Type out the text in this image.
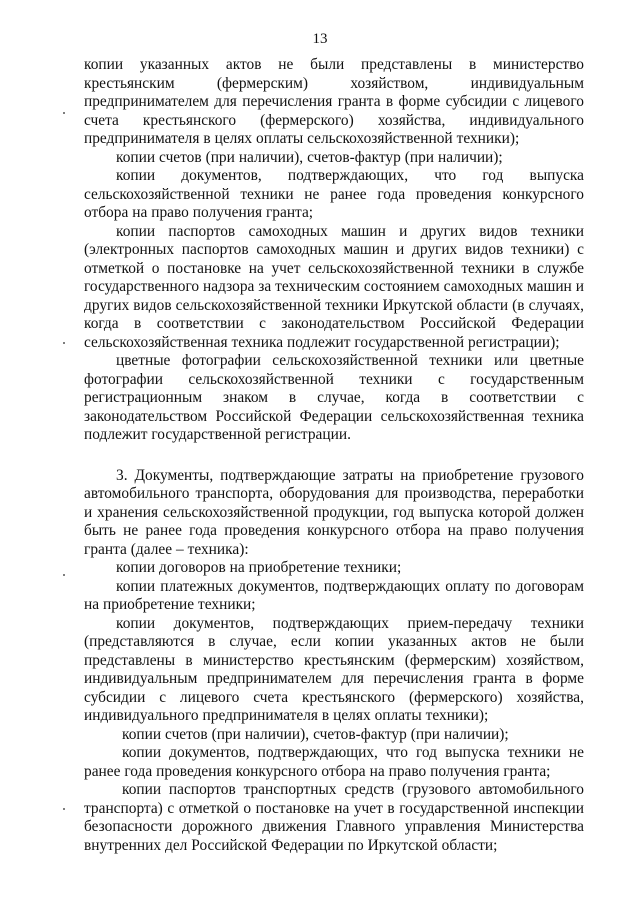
13

копии указанных актов не были представлены в министерство крестьянским (фермерским) хозяйством, индивидуальным предпринимателем для перечисления гранта в форме субсидии с лицевого счета крестьянского (фермерского) хозяйства, индивидуального предпринимателя в целях оплаты сельскохозяйственной техники);

копии счетов (при наличии), счетов-фактур (при наличии);

копии документов, подтверждающих, что год выпуска сельскохозяйственной техники не ранее года проведения конкурсного отбора на право получения гранта;

копии паспортов самоходных машин и других видов техники (электронных паспортов самоходных машин и других видов техники) с отметкой о постановке на учет сельскохозяйственной техники в службе государственного надзора за техническим состоянием самоходных машин и других видов сельскохозяйственной техники Иркутской области (в случаях, когда в соответствии с законодательством Российской Федерации сельскохозяйственная техника подлежит государственной регистрации);

цветные фотографии сельскохозяйственной техники или цветные фотографии сельскохозяйственной техники с государственным регистрационным знаком в случае, когда в соответствии с законодательством Российской Федерации сельскохозяйственная техника подлежит государственной регистрации.

3. Документы, подтверждающие затраты на приобретение грузового автомобильного транспорта, оборудования для производства, переработки и хранения сельскохозяйственной продукции, год выпуска которой должен быть не ранее года проведения конкурсного отбора на право получения гранта (далее – техника):

копии договоров на приобретение техники;

копии платежных документов, подтверждающих оплату по договорам на приобретение техники;

копии документов, подтверждающих прием-передачу техники (представляются в случае, если копии указанных актов не были представлены в министерство крестьянским (фермерским) хозяйством, индивидуальным предпринимателем для перечисления гранта в форме субсидии с лицевого счета крестьянского (фермерского) хозяйства, индивидуального предпринимателя в целях оплаты техники);

копии счетов (при наличии), счетов-фактур (при наличии);

копии документов, подтверждающих, что год выпуска техники не ранее года проведения конкурсного отбора на право получения гранта;

копии паспортов транспортных средств (грузового автомобильного транспорта) с отметкой о постановке на учет в государственной инспекции безопасности дорожного движения Главного управления Министерства внутренних дел Российской Федерации по Иркутской области;
